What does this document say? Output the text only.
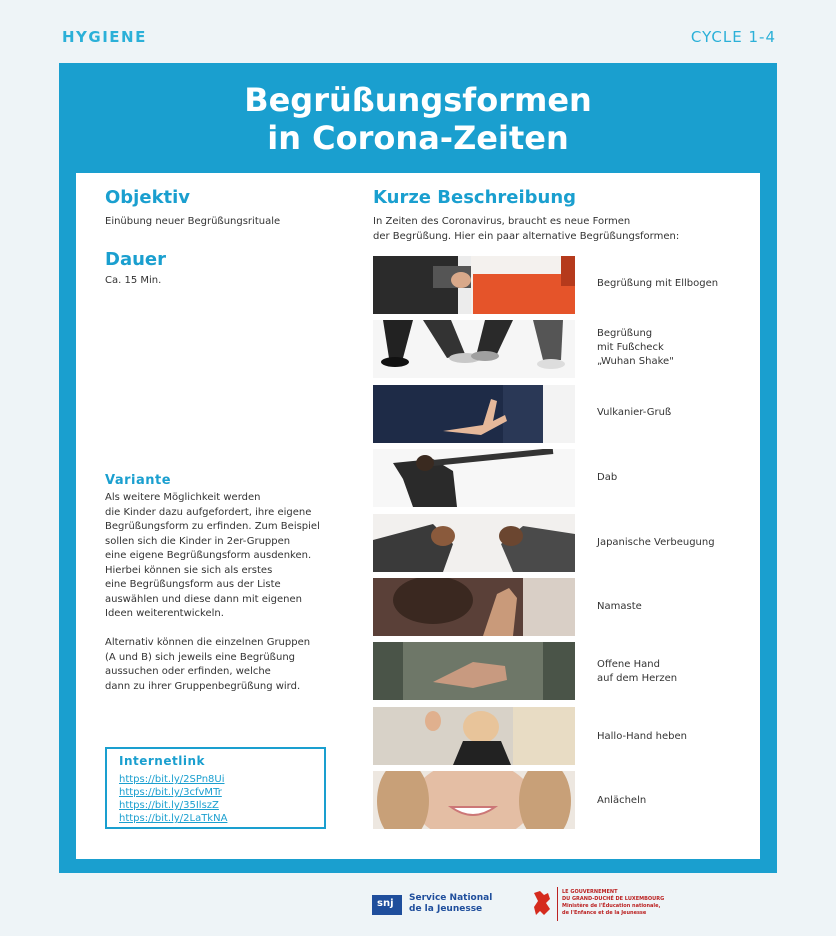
HYGIENE	CYCLE 1-4
Begrüßungsformen
in Corona-Zeiten
Objektiv
Einübung neuer Begrüßungsrituale
Dauer
Ca. 15 Min.
Variante
Als weitere Möglichkeit werden
die Kinder dazu aufgefordert, ihre eigene
Begrüßungsform zu erfinden. Zum Beispiel
sollen sich die Kinder in 2er-Gruppen
eine eigene Begrüßungsform ausdenken.
Hierbei können sie sich als erstes
eine Begrüßungsform aus der Liste
auswählen und diese dann mit eigenen
Ideen weiterentwickeln.
Alternativ können die einzelnen Gruppen
(A und B) sich jeweils eine Begrüßung
aussuchen oder erfinden, welche
dann zu ihrer Gruppenbegrüßung wird.
Internetlink
https://bit.ly/2SPn8Ui
https://bit.ly/3cfvMTr
https://bit.ly/35IlszZ
https://bit.ly/2LaTkNA
Kurze Beschreibung
In Zeiten des Coronavirus, braucht es neue Formen
der Begrüßung. Hier ein paar alternative Begrüßungsformen:
Begrüßung mit Ellbogen
Begrüßung
mit Fußcheck
„Wuhan Shake"
Vulkanier-Gruß
Dab
Japanische Verbeugung
Namaste
Offene Hand
auf dem Herzen
Hallo-Hand heben
Anlächeln
snj Service National
de la Jeunesse
LE GOUVERNEMENT
DU GRAND-DUCHÉ DE LUXEMBOURG
Ministère de l'Éducation nationale,
de l'Enfance et de la Jeunesse
